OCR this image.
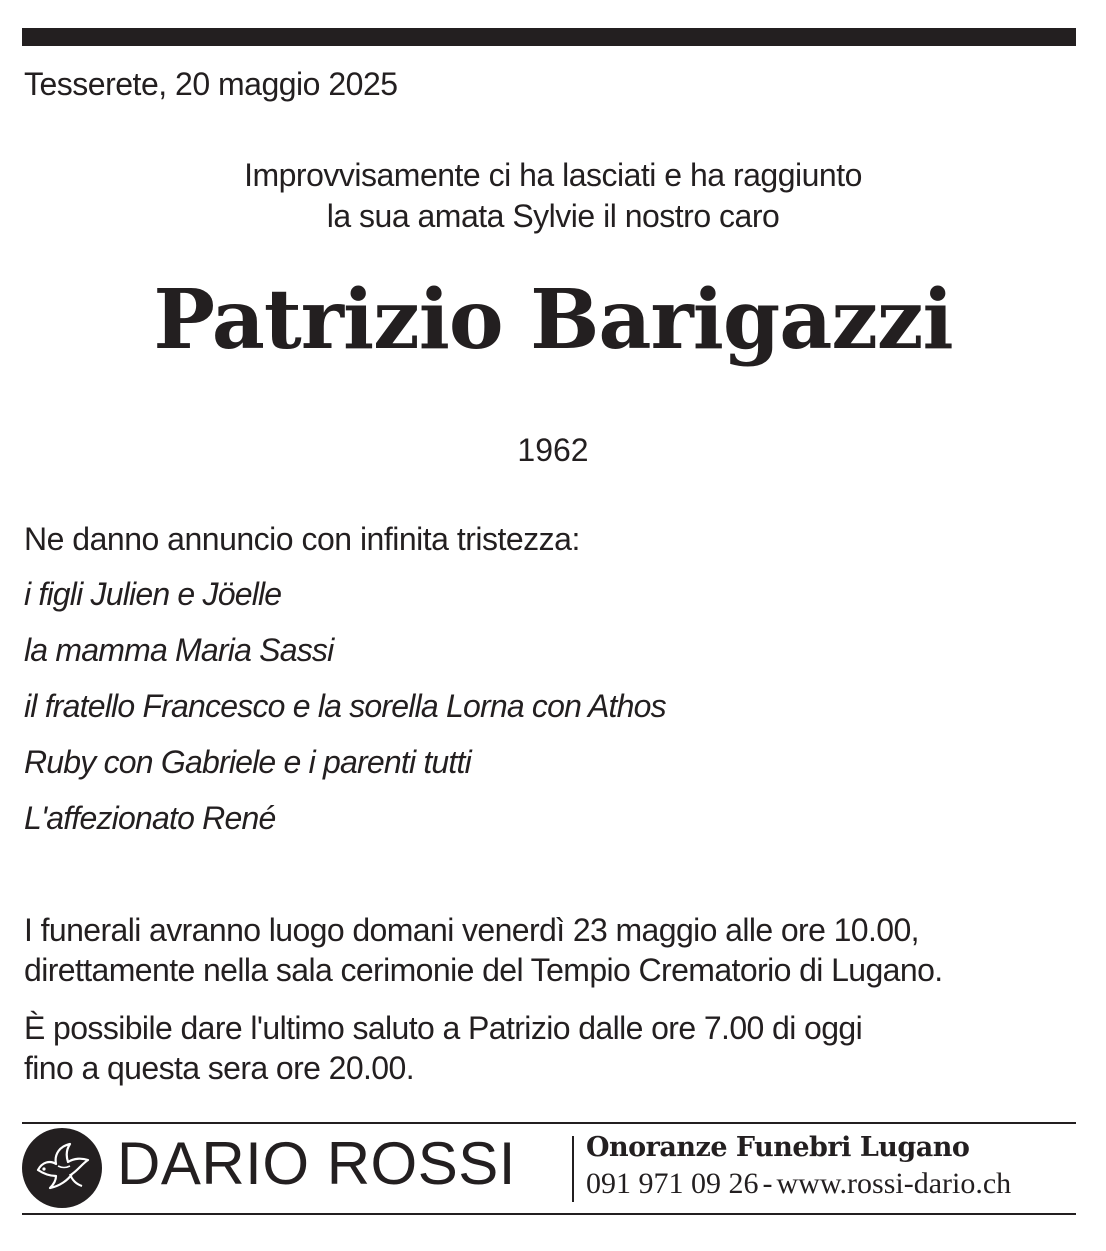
Tesserete, 20 maggio 2025
Improvvisamente ci ha lasciati e ha raggiunto
la sua amata Sylvie il nostro caro
Patrizio Barigazzi
1962
Ne danno annuncio con infinita tristezza:
i figli Julien e Jöelle
la mamma Maria Sassi
il fratello Francesco e la sorella Lorna con Athos
Ruby con Gabriele e i parenti tutti
L'affezionato René
I funerali avranno luogo domani venerdì 23 maggio alle ore 10.00,
direttamente nella sala cerimonie del Tempio Crematorio di Lugano.
È possibile dare l'ultimo saluto a Patrizio dalle ore 7.00 di oggi
fino a questa sera ore 20.00.
DARIO ROSSI	Onoranze Funebri Lugano
091 971 09 26 - www.rossi-dario.ch
